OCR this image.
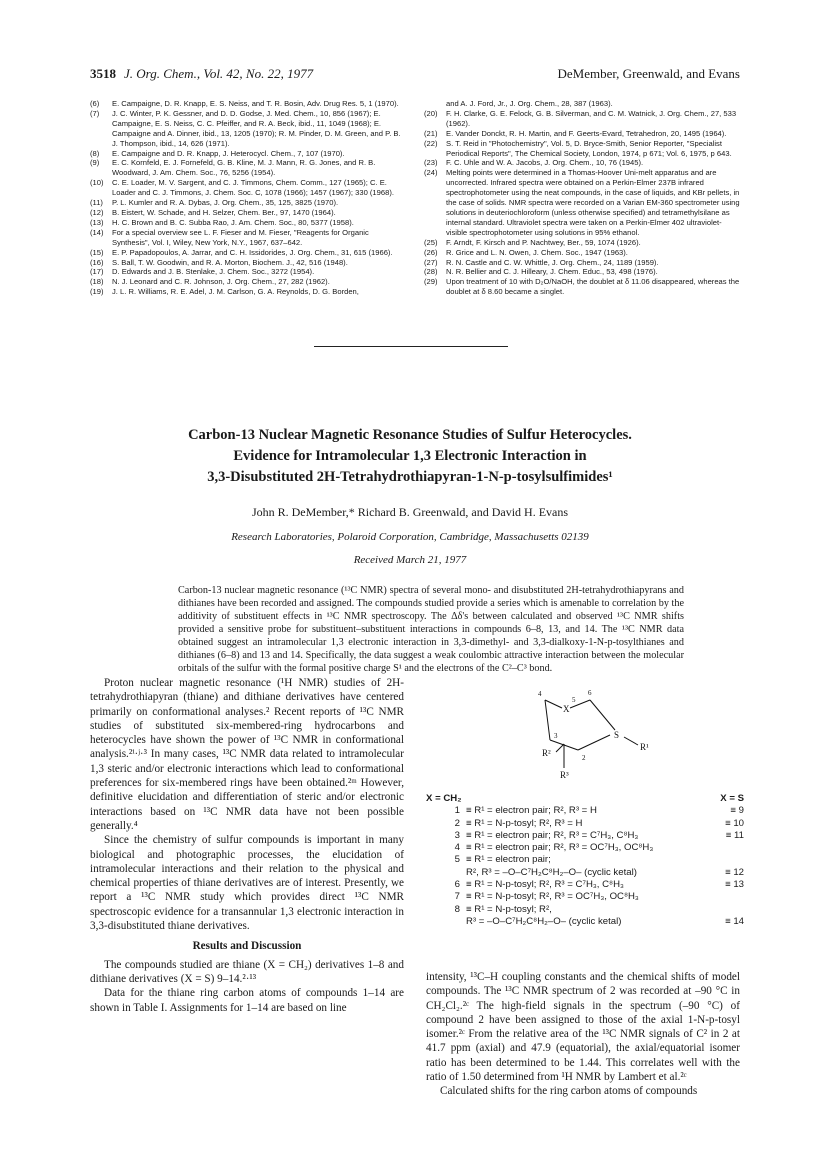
3518 J. Org. Chem., Vol. 42, No. 22, 1977	DeMember, Greenwald, and Evans
(6)	E. Campaigne, D. R. Knapp, E. S. Neiss, and T. R. Bosin, Adv. Drug Res. 5, 1 (1970).
(7)	J. C. Winter, P. K. Gessner, and D. D. Godse, J. Med. Chem., 10, 856 (1967); E. Campaigne, E. S. Neiss, C. C. Pfeiffer, and R. A. Beck, ibid., 11, 1049 (1968); E. Campaigne and A. Dinner, ibid., 13, 1205 (1970); R. M. Pinder, D. M. Green, and P. B. J. Thompson, ibid., 14, 626 (1971).
(8)	E. Campaigne and D. R. Knapp, J. Heterocycl. Chem., 7, 107 (1970).
(9)	E. C. Kornfeld, E. J. Fornefeld, G. B. Kline, M. J. Mann, R. G. Jones, and R. B. Woodward, J. Am. Chem. Soc., 76, 5256 (1954).
(10)	C. E. Loader, M. V. Sargent, and C. J. Timmons, Chem. Comm., 127 (1965); C. E. Loader and C. J. Timmons, J. Chem. Soc. C, 1078 (1966); 1457 (1967); 330 (1968).
(11)	P. L. Kumler and R. A. Dybas, J. Org. Chem., 35, 125, 3825 (1970).
(12)	B. Eistert, W. Schade, and H. Selzer, Chem. Ber., 97, 1470 (1964).
(13)	H. C. Brown and B. C. Subba Rao, J. Am. Chem. Soc., 80, 5377 (1958).
(14)	For a special overview see L. F. Fieser and M. Fieser, "Reagents for Organic Synthesis", Vol. I, Wiley, New York, N.Y., 1967, 637–642.
(15)	E. P. Papadopoulos, A. Jarrar, and C. H. Issidorides, J. Org. Chem., 31, 615 (1966).
(16)	S. Ball, T. W. Goodwin, and R. A. Morton, Biochem. J., 42, 516 (1948).
(17)	D. Edwards and J. B. Stenlake, J. Chem. Soc., 3272 (1954).
(18)	N. J. Leonard and C. R. Johnson, J. Org. Chem., 27, 282 (1962).
(19)	J. L. R. Williams, R. E. Adel, J. M. Carlson, G. A. Reynolds, D. G. Borden,
and A. J. Ford, Jr., J. Org. Chem., 28, 387 (1963).
(20)	F. H. Clarke, G. E. Felock, G. B. Silverman, and C. M. Watnick, J. Org. Chem., 27, 533 (1962).
(21)	E. Vander Donckt, R. H. Martin, and F. Geerts-Evard, Tetrahedron, 20, 1495 (1964).
(22)	S. T. Reid in "Photochemistry", Vol. 5, D. Bryce-Smith, Senior Reporter, "Specialist Periodical Reports", The Chemical Society, London, 1974, p 671; Vol. 6, 1975, p 643.
(23)	F. C. Uhle and W. A. Jacobs, J. Org. Chem., 10, 76 (1945).
(24)	Melting points were determined in a Thomas-Hoover Uni-melt apparatus and are uncorrected. Infrared spectra were obtained on a Perkin-Elmer 237B infrared spectrophotometer using the neat compounds, in the case of liquids, and KBr pellets, in the case of solids. NMR spectra were recorded on a Varian EM-360 spectrometer using solutions in deuteriochloroform (unless otherwise specified) and tetramethylsilane as internal standard. Ultraviolet spectra were taken on a Perkin-Elmer 402 ultraviolet- visible spectrophotometer using solutions in 95% ethanol.
(25)	F. Arndt, F. Kirsch and P. Nachtwey, Ber., 59, 1074 (1926).
(26)	R. Grice and L. N. Owen, J. Chem. Soc., 1947 (1963).
(27)	R. N. Castle and C. W. Whittle, J. Org. Chem., 24, 1189 (1959).
(28)	N. R. Bellier and C. J. Hilleary, J. Chem. Educ., 53, 498 (1976).
(29)	Upon treatment of 10 with D₂O/NaOH, the doublet at δ 11.06 disappeared, whereas the doublet at δ 8.60 became a singlet.
Carbon-13 Nuclear Magnetic Resonance Studies of Sulfur Heterocycles.
Evidence for Intramolecular 1,3 Electronic Interaction in
3,3-Disubstituted 2H-Tetrahydrothiapyran-1-N-p-tosylsulfimides¹
John R. DeMember,* Richard B. Greenwald, and David H. Evans
Research Laboratories, Polaroid Corporation, Cambridge, Massachusetts 02139
Received March 21, 1977
Carbon-13 nuclear magnetic resonance (¹³C NMR) spectra of several mono- and disubstituted 2H-tetrahydrothiapyrans and dithianes have been recorded and assigned. The compounds studied provide a series which is amenable to correlation by the additivity of substituent effects in ¹³C NMR spectroscopy. The Δδ's between calculated and observed ¹³C NMR shifts provided a sensitive probe for substituent–substituent interactions in compounds 6–8, 13, and 14. The ¹³C NMR data obtained suggest an intramolecular 1,3 electronic interaction in 3,3-dimethyl- and 3,3-dialkoxy-1-N-p-tosylthianes and dithianes (6–8) and 13 and 14. Specifically, the data suggest a weak coulombic attractive interaction between the molecular orbitals of the sulfur with the formal positive charge S¹ and the electrons of the C²–C³ bond.

Proton nuclear magnetic resonance (¹H NMR) studies of 2H-tetrahydrothiapyran (thiane) and dithiane derivatives have centered primarily on conformational analyses.² Recent reports of ¹³C NMR studies of substituted six-membered-ring hydrocarbons and heterocycles have shown the power of ¹³C NMR in conformational analysis.²ⁱ·ʲ·³ In many cases, ¹³C NMR data related to intramolecular 1,3 steric and/or electronic interactions which lead to conformational preferences for six-membered rings have been obtained.²ᵐ However, definitive elucidation and differentiation of steric and/or electronic interactions based on ¹³C NMR data have not been possible generally.⁴

Since the chemistry of sulfur compounds is important in many biological and photographic processes, the elucidation of intramolecular interactions and their relation to the physical and chemical properties of thiane derivatives are of interest. Presently, we report a ¹³C NMR study which provides direct ¹³C NMR spectroscopic evidence for a transannular 1,3 electronic interaction in 3,3-disubstituted thiane derivatives.

Results and Discussion

The compounds studied are thiane (X = CH₂) derivatives 1–8 and dithiane derivatives (X = S) 9–14.²·¹³

Data for the thiane ring carbon atoms of compounds 1–14 are shown in Table I. Assignments for 1–14 are based on line

X
S
R¹
R²
R³
2
3
4
5
6
X = CH₂	X = S
1 ≡ R¹ = electron pair; R², R³ = H	≡ 9
2 ≡ R¹ = N-p-tosyl; R², R³ = H	≡ 10
3 ≡ R¹ = electron pair; R², R³ = C⁷H₃, C⁸H₃	≡ 11
4 ≡ R¹ = electron pair; R², R³ = OC⁷H₃, OC⁸H₃
5 ≡ R¹ = electron pair;
R², R³ = –O–C⁷H₂C⁸H₂–O– (cyclic ketal)	≡ 12
6 ≡ R¹ = N-p-tosyl; R², R³ = C⁷H₃, C⁸H₃	≡ 13
7 ≡ R¹ = N-p-tosyl; R², R³ = OC⁷H₃, OC⁸H₃
8 ≡ R¹ = N-p-tosyl; R²,
R³ = –O–C⁷H₂C⁸H₂–O– (cyclic ketal)	≡ 14

intensity, ¹³C–H coupling constants and the chemical shifts of model compounds. The ¹³C NMR spectrum of 2 was recorded at –90 °C in CH₂Cl₂.²ᶜ The high-field signals in the spectrum (–90 °C) of compound 2 have been assigned to those of the axial 1-N-p-tosyl isomer.²ᶜ From the relative area of the ¹³C NMR signals of C² in 2 at 41.7 ppm (axial) and 47.9 (equatorial), the axial/equatorial isomer ratio has been determined to be 1.44. This correlates well with the ratio of 1.50 determined from ¹H NMR by Lambert et al.²ᶜ

Calculated shifts for the ring carbon atoms of compounds
